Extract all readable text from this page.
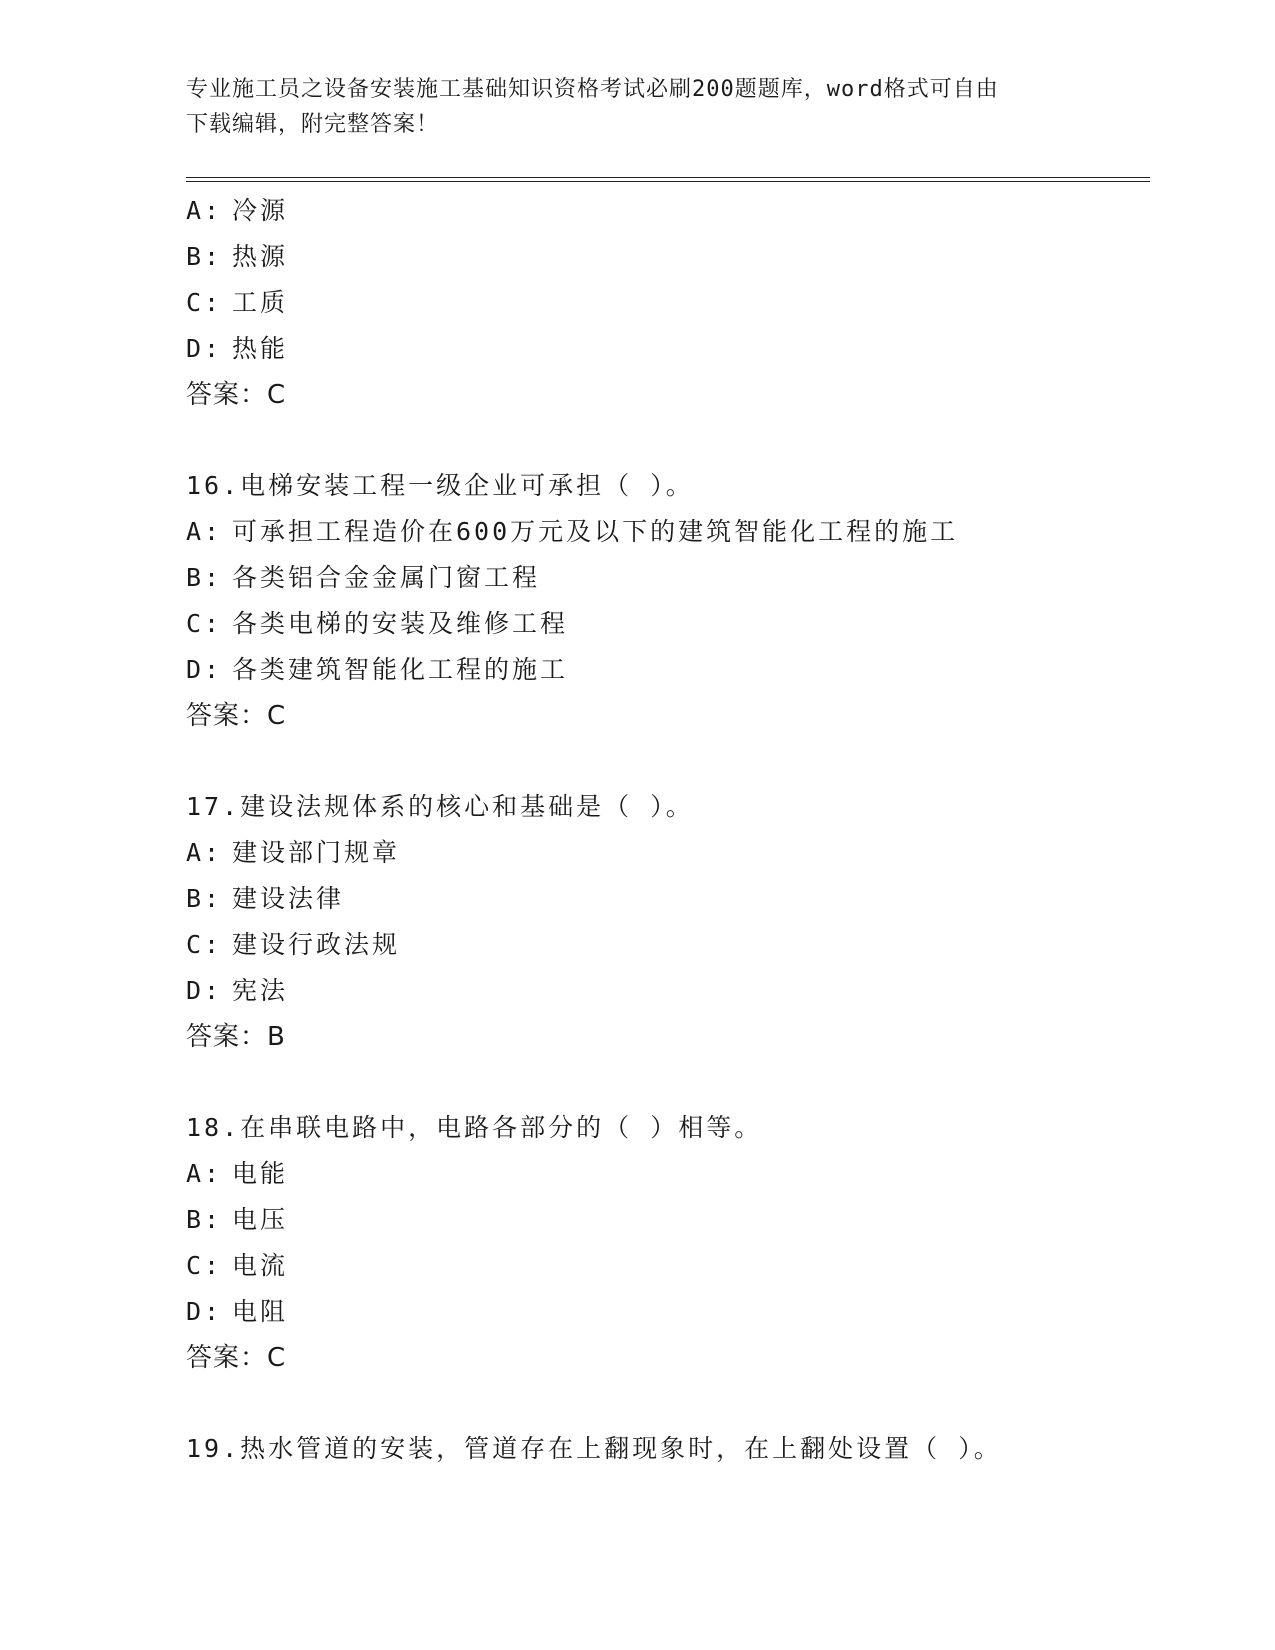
专业施工员之设备安装施工基础知识资格考试必刷200题题库，word格式可自由
下载编辑，附完整答案！
A: 冷源
B: 热源
C: 工质
D: 热能
答案：C
16.电梯安装工程一级企业可承担（ ）。
A: 可承担工程造价在600万元及以下的建筑智能化工程的施工
B: 各类铝合金金属门窗工程
C: 各类电梯的安装及维修工程
D: 各类建筑智能化工程的施工
答案：C
17.建设法规体系的核心和基础是（ ）。
A: 建设部门规章
B: 建设法律
C: 建设行政法规
D: 宪法
答案：B
18.在串联电路中，电路各部分的（ ）相等。
A: 电能
B: 电压
C: 电流
D: 电阻
答案：C
19.热水管道的安装，管道存在上翻现象时，在上翻处设置（ ）。
